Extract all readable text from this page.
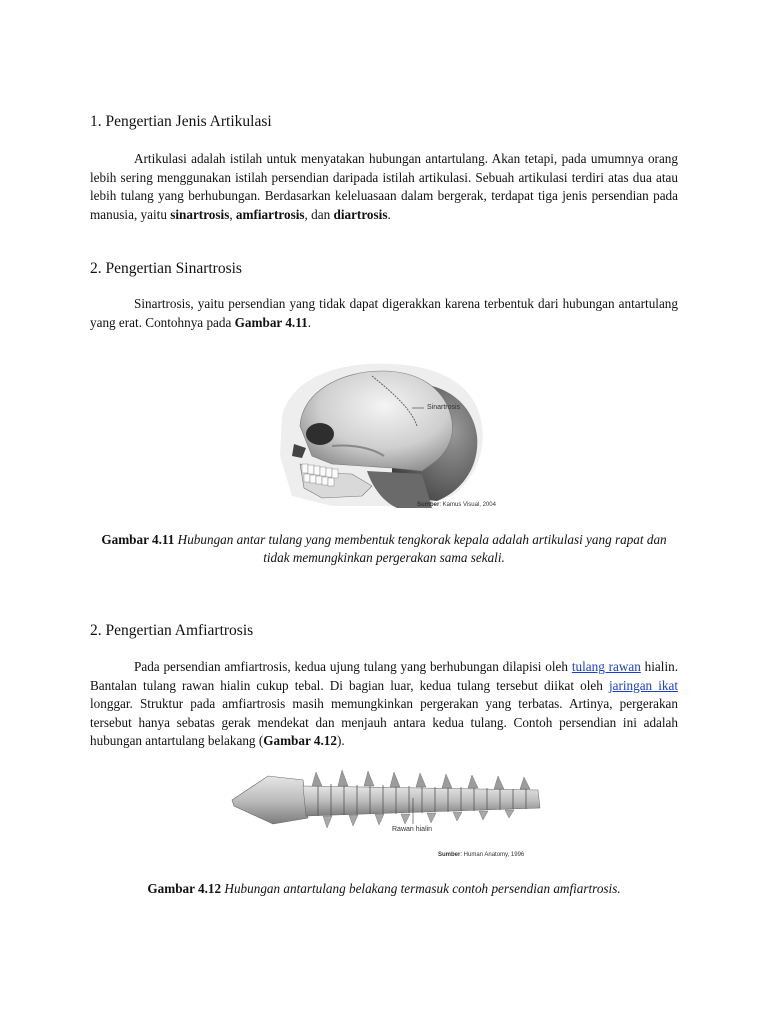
1. Pengertian Jenis Artikulasi

Artikulasi adalah istilah untuk menyatakan hubungan antartulang. Akan tetapi, pada umumnya orang lebih sering menggunakan istilah persendian daripada istilah artikulasi. Sebuah artikulasi terdiri atas dua atau lebih tulang yang berhubungan. Berdasarkan keleluasaan dalam bergerak, terdapat tiga jenis persendian pada manusia, yaitu sinartrosis, amfiartrosis, dan diartrosis.

2. Pengertian Sinartrosis

Sinartrosis, yaitu persendian yang tidak dapat digerakkan karena terbentuk dari hubungan antartulang yang erat. Contohnya pada Gambar 4.11.

Sinartrosis
Sumber: Kamus Visual, 2004

Gambar 4.11 Hubungan antar tulang yang membentuk tengkorak kepala adalah artikulasi yang rapat dan tidak memungkinkan pergerakan sama sekali.

2. Pengertian Amfiartrosis

Pada persendian amfiartrosis, kedua ujung tulang yang berhubungan dilapisi oleh tulang rawan hialin. Bantalan tulang rawan hialin cukup tebal. Di bagian luar, kedua tulang tersebut diikat oleh jaringan ikat longgar. Struktur pada amfiartrosis masih memungkinkan pergerakan yang terbatas. Artinya, pergerakan tersebut hanya sebatas gerak mendekat dan menjauh antara kedua tulang. Contoh persendian ini adalah hubungan antartulang belakang (Gambar 4.12).

Rawan hialin
Sumber: Human Anatomy, 1996

Gambar 4.12 Hubungan antartulang belakang termasuk contoh persendian amfiartrosis.
